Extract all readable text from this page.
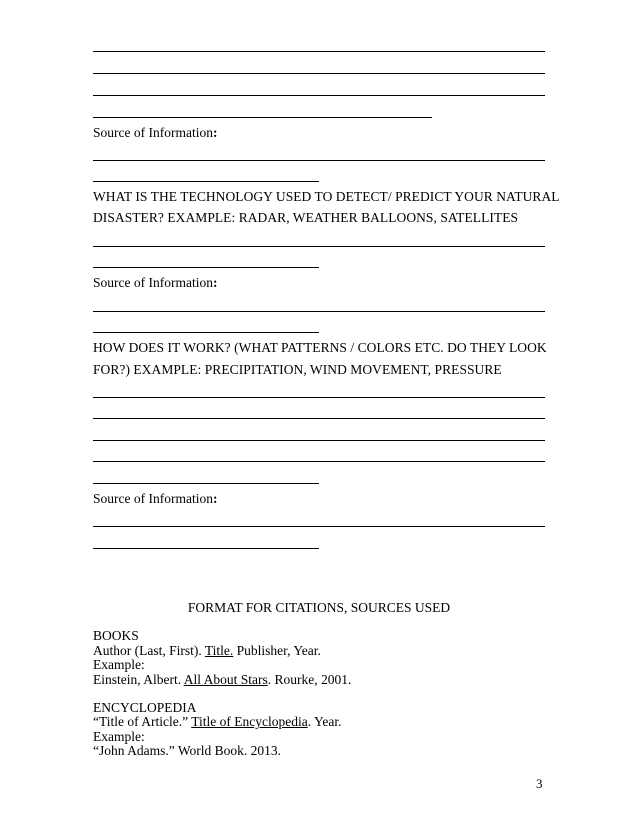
Source of Information:
WHAT IS THE TECHNOLOGY USED TO DETECT/ PREDICT YOUR NATURAL
DISASTER? EXAMPLE: RADAR, WEATHER BALLOONS, SATELLITES
Source of Information:
HOW DOES IT WORK? (WHAT PATTERNS / COLORS ETC. DO THEY LOOK
FOR?) EXAMPLE: PRECIPITATION, WIND MOVEMENT, PRESSURE
Source of Information:
FORMAT FOR CITATIONS, SOURCES USED
BOOKS
Author (Last, First). Title. Publisher, Year.
Example:
Einstein, Albert. All About Stars. Rourke, 2001.
ENCYCLOPEDIA
“Title of Article.” Title of Encyclopedia. Year.
Example:
“John Adams.” World Book. 2013.
3
